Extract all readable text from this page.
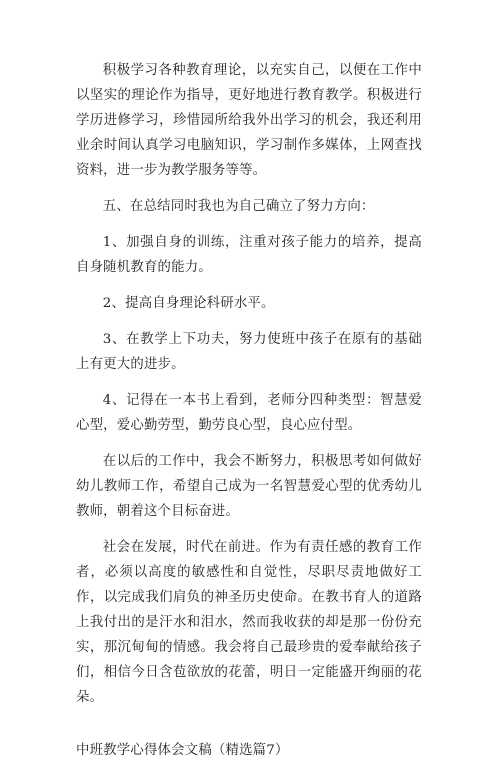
积极学习各种教育理论，以充实自己，以便在工作中以坚实的理论作为指导，更好地进行教育教学。积极进行学历进修学习，珍惜园所给我外出学习的机会，我还利用业余时间认真学习电脑知识，学习制作多媒体，上网查找资料，进一步为教学服务等等。

五、在总结同时我也为自己确立了努力方向：

1、加强自身的训练，注重对孩子能力的培养，提高自身随机教育的能力。

2、提高自身理论科研水平。

3、在教学上下功夫，努力使班中孩子在原有的基础上有更大的进步。

4、记得在一本书上看到，老师分四种类型：智慧爱心型，爱心勤劳型，勤劳良心型，良心应付型。

在以后的工作中，我会不断努力，积极思考如何做好幼儿教师工作，希望自己成为一名智慧爱心型的优秀幼儿教师，朝着这个目标奋进。

社会在发展，时代在前进。作为有责任感的教育工作者，必须以高度的敏感性和自觉性，尽职尽责地做好工作，以完成我们肩负的神圣历史使命。在教书育人的道路上我付出的是汗水和泪水，然而我收获的却是那一份份充实，那沉甸甸的情感。我会将自己最珍贵的爱奉献给孩子们，相信今日含苞欲放的花蕾，明日一定能盛开绚丽的花朵。

中班教学心得体会文稿（精选篇7）
